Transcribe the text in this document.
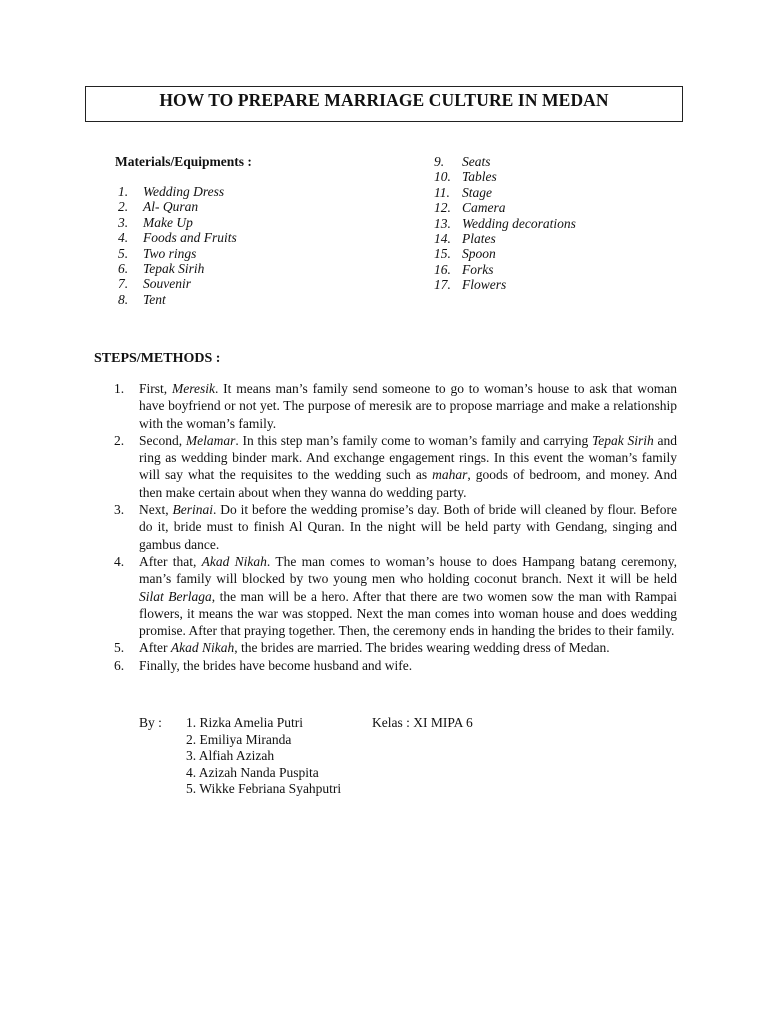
HOW TO PREPARE MARRIAGE CULTURE IN MEDAN
Materials/Equipments :
1. Wedding Dress
2. Al- Quran
3. Make Up
4. Foods and Fruits
5. Two rings
6. Tepak Sirih
7. Souvenir
8. Tent
9. Seats
10. Tables
11. Stage
12. Camera
13. Wedding decorations
14. Plates
15. Spoon
16. Forks
17. Flowers
STEPS/METHODS :
1. First, Meresik. It means man’s family send someone to go to woman’s house to ask that woman have boyfriend or not yet. The purpose of meresik are to propose marriage and make a relationship with the woman’s family.
2. Second, Melamar. In this step man’s family come to woman’s family and carrying Tepak Sirih and ring as wedding binder mark. And exchange engagement rings. In this event the woman’s family will say what the requisites to the wedding such as mahar, goods of bedroom, and money. And then make certain about when they wanna do wedding party.
3. Next, Berinai. Do it before the wedding promise’s day. Both of bride will cleaned by flour. Before do it, bride must to finish Al Quran. In the night will be held party with Gendang, singing and gambus dance.
4. After that, Akad Nikah. The man comes to woman’s house to does Hampang batang ceremony, man’s family will blocked by two young men who holding coconut branch. Next it will be held Silat Berlaga, the man will be a hero. After that there are two women sow the man with Rampai flowers, it means the war was stopped. Next the man comes into woman house and does wedding promise. After that praying together. Then, the ceremony ends in handing the brides to their family.
5. After Akad Nikah, the brides are married. The brides wearing wedding dress of Medan.
6. Finally, the brides have become husband and wife.
By : 1. Rizka Amelia Putri
2. Emiliya Miranda
3. Alfiah Azizah
4. Azizah Nanda Puspita
5. Wikke Febriana Syahputri
Kelas : XI MIPA 6
